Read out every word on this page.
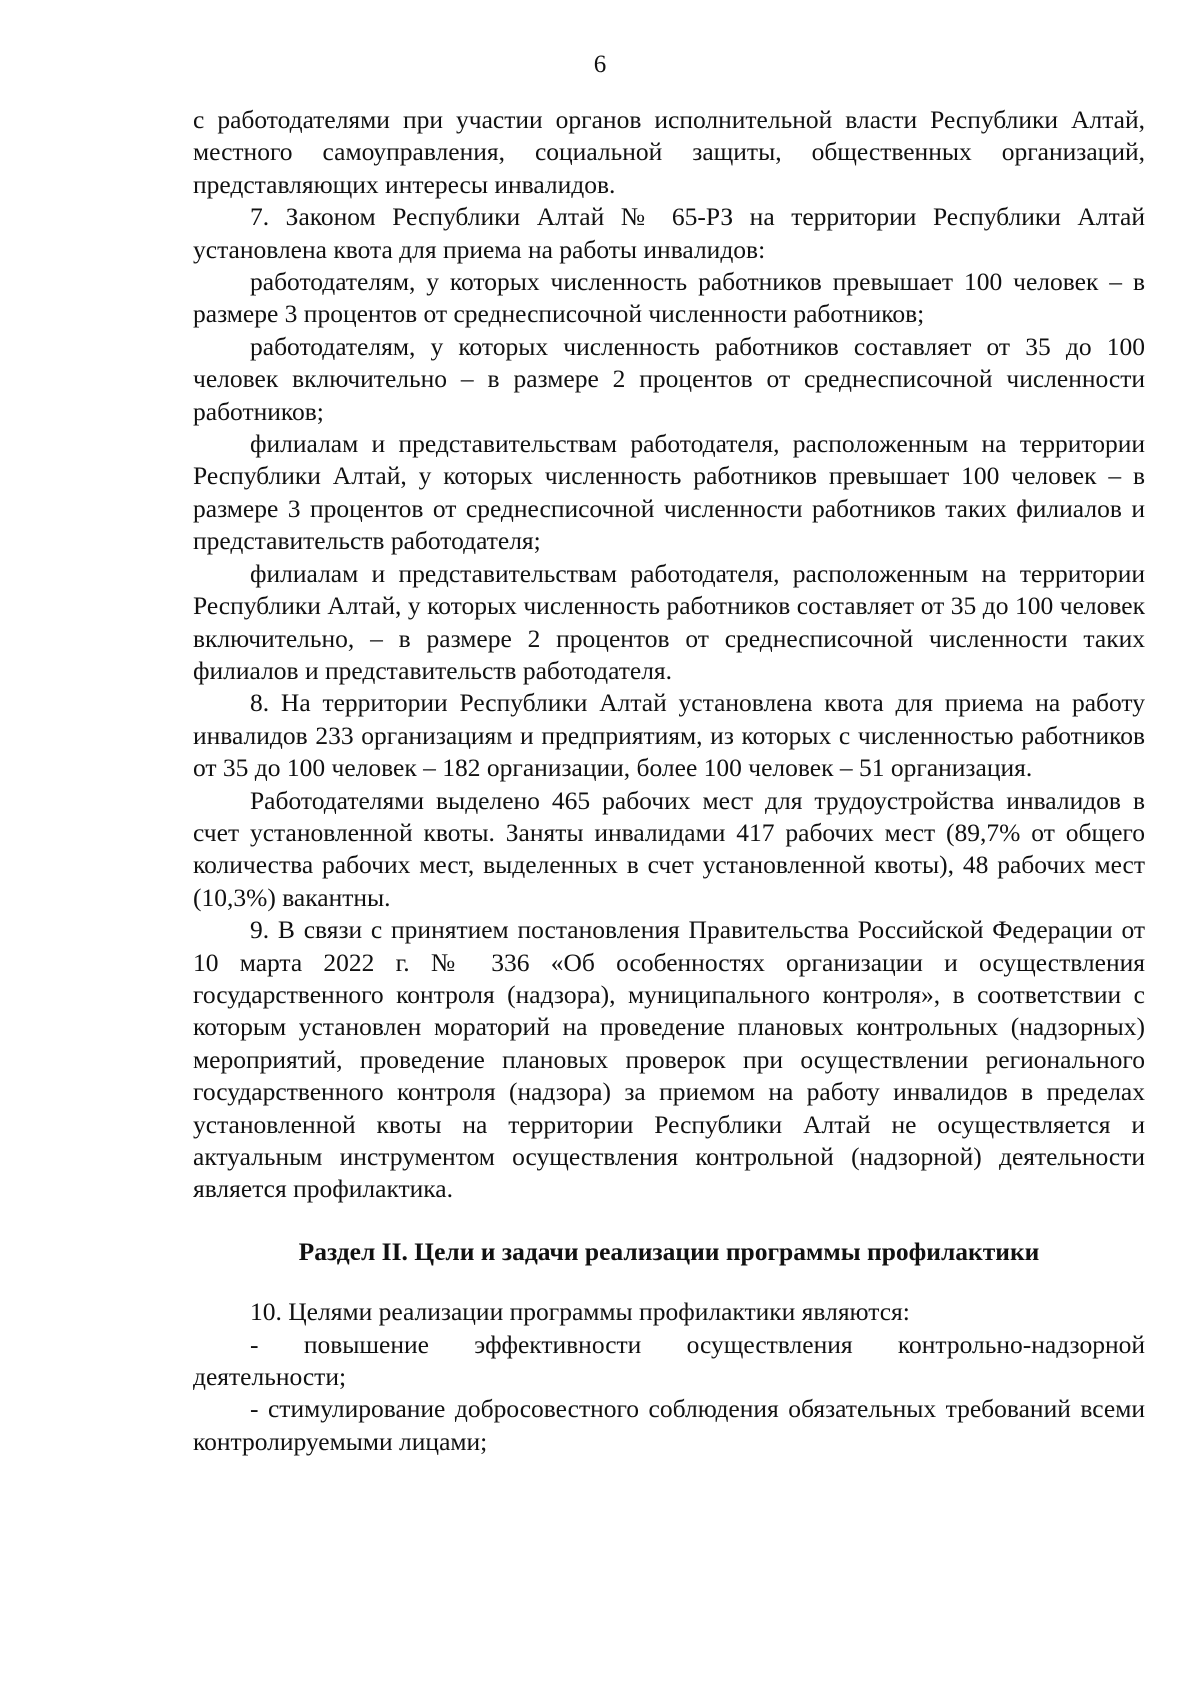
6

с работодателями при участии органов исполнительной власти Республики Алтай, местного самоуправления, социальной защиты, общественных организаций, представляющих интересы инвалидов.

7. Законом Республики Алтай № 65-РЗ на территории Республики Алтай установлена квота для приема на работы инвалидов:

работодателям, у которых численность работников превышает 100 человек – в размере 3 процентов от среднесписочной численности работников;

работодателям, у которых численность работников составляет от 35 до 100 человек включительно – в размере 2 процентов от среднесписочной численности работников;

филиалам и представительствам работодателя, расположенным на территории Республики Алтай, у которых численность работников превышает 100 человек – в размере 3 процентов от среднесписочной численности работников таких филиалов и представительств работодателя;

филиалам и представительствам работодателя, расположенным на территории Республики Алтай, у которых численность работников составляет от 35 до 100 человек включительно, – в размере 2 процентов от среднесписочной численности таких филиалов и представительств работодателя.

8. На территории Республики Алтай установлена квота для приема на работу инвалидов 233 организациям и предприятиям, из которых с численностью работников от 35 до 100 человек – 182 организации, более 100 человек – 51 организация.

Работодателями выделено 465 рабочих мест для трудоустройства инвалидов в счет установленной квоты. Заняты инвалидами 417 рабочих мест (89,7% от общего количества рабочих мест, выделенных в счет установленной квоты), 48 рабочих мест (10,3%) вакантны.

9. В связи с принятием постановления Правительства Российской Федерации от 10 марта 2022 г. № 336 «Об особенностях организации и осуществления государственного контроля (надзора), муниципального контроля», в соответствии с которым установлен мораторий на проведение плановых контрольных (надзорных) мероприятий, проведение плановых проверок при осуществлении регионального государственного контроля (надзора) за приемом на работу инвалидов в пределах установленной квоты на территории Республики Алтай не осуществляется и актуальным инструментом осуществления контрольной (надзорной) деятельности является профилактика.

Раздел II. Цели и задачи реализации программы профилактики

10. Целями реализации программы профилактики являются:

- повышение эффективности осуществления контрольно-надзорной деятельности;

- стимулирование добросовестного соблюдения обязательных требований всеми контролируемыми лицами;
